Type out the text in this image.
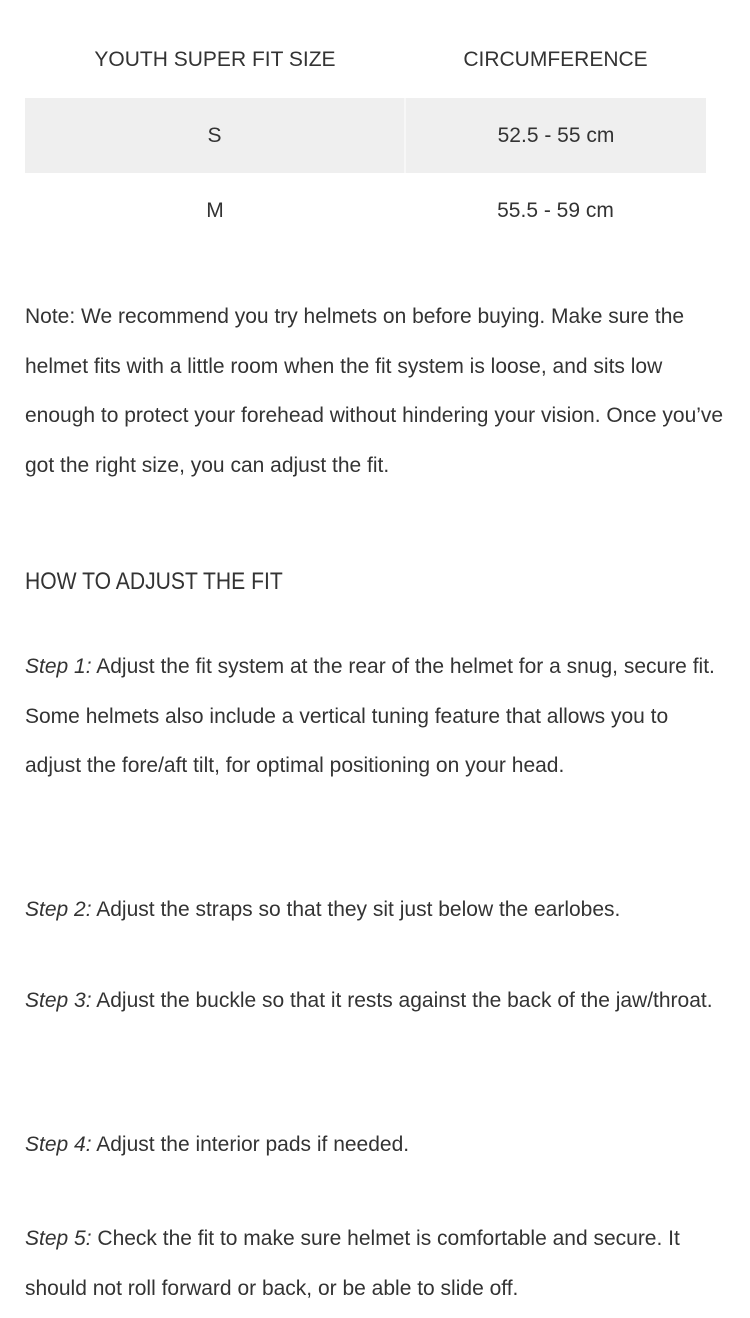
YOUTH SUPER FIT SIZE	CIRCUMFERENCE
S	52.5 - 55 cm
M	55.5 - 59 cm

Note: We recommend you try helmets on before buying. Make sure the helmet fits with a little room when the fit system is loose, and sits low enough to protect your forehead without hindering your vision. Once you’ve got the right size, you can adjust the fit.

HOW TO ADJUST THE FIT

Step 1: Adjust the fit system at the rear of the helmet for a snug, secure fit. Some helmets also include a vertical tuning feature that allows you to adjust the fore/aft tilt, for optimal positioning on your head.

Step 2: Adjust the straps so that they sit just below the earlobes.

Step 3: Adjust the buckle so that it rests against the back of the jaw/throat.

Step 4: Adjust the interior pads if needed.

Step 5: Check the fit to make sure helmet is comfortable and secure. It should not roll forward or back, or be able to slide off.
